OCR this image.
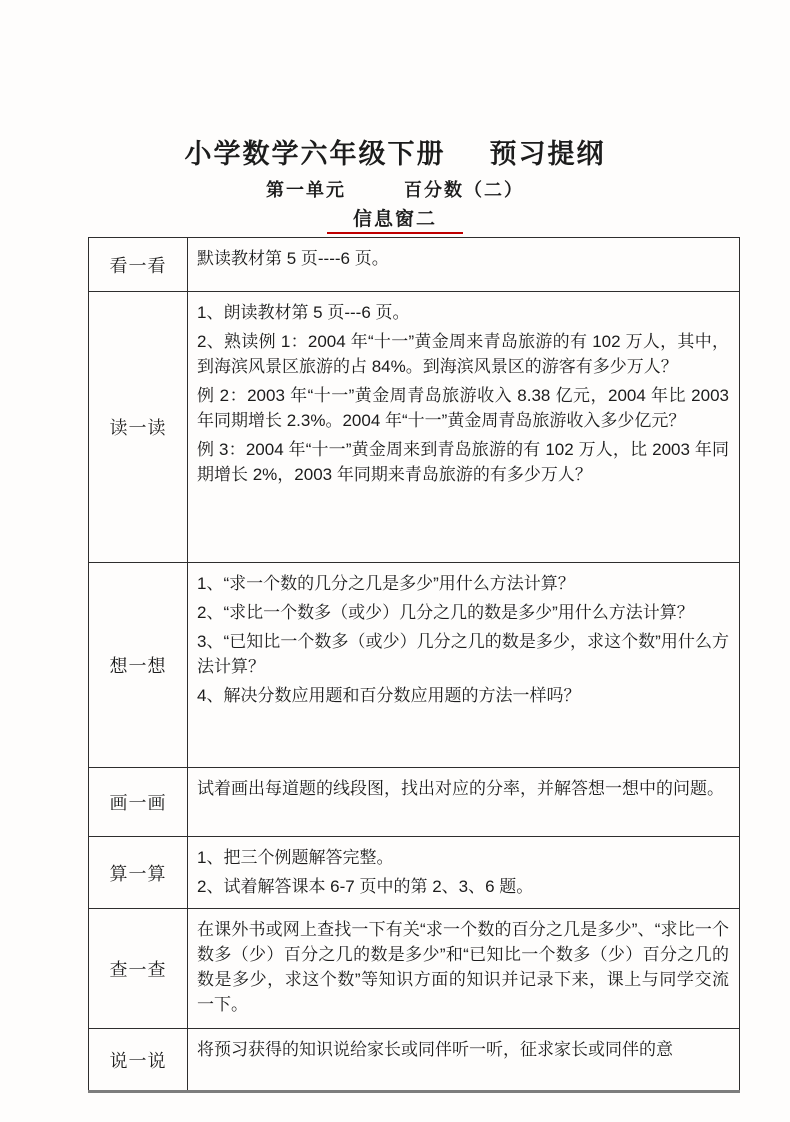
小学数学六年级下册 预习提纲
第一单元	百分数（二）
信息窗二
看一看	默读教材第 5 页----6 页。

读一读	1、朗读教材第 5 页---6 页。

2、熟读例 1：2004 年“十一”黄金周来青岛旅游的有 102 万人，其中，到海滨风景区旅游的占 84%。到海滨风景区的游客有多少万人？

例 2：2003 年“十一”黄金周青岛旅游收入 8.38 亿元，2004 年比 2003 年同期增长 2.3%。2004 年“十一”黄金周青岛旅游收入多少亿元？

例 3：2004 年“十一”黄金周来到青岛旅游的有 102 万人，比 2003 年同期增长 2%，2003 年同期来青岛旅游的有多少万人？

想一想	1、“求一个数的几分之几是多少”用什么方法计算？

2、“求比一个数多（或少）几分之几的数是多少”用什么方法计算？

3、“已知比一个数多（或少）几分之几的数是多少，求这个数”用什么方法计算？

4、解决分数应用题和百分数应用题的方法一样吗？

画一画	试着画出每道题的线段图，找出对应的分率，并解答想一想中的问题。

算一算	1、把三个例题解答完整。

2、试着解答课本 6-7 页中的第 2、3、6 题。

查一查	在课外书或网上查找一下有关“求一个数的百分之几是多少”、“求比一个数多（少）百分之几的数是多少”和“已知比一个数多（少）百分之几的数是多少，求这个数”等知识方面的知识并记录下来，课上与同学交流一下。

说一说	将预习获得的知识说给家长或同伴听一听，征求家长或同伴的意
